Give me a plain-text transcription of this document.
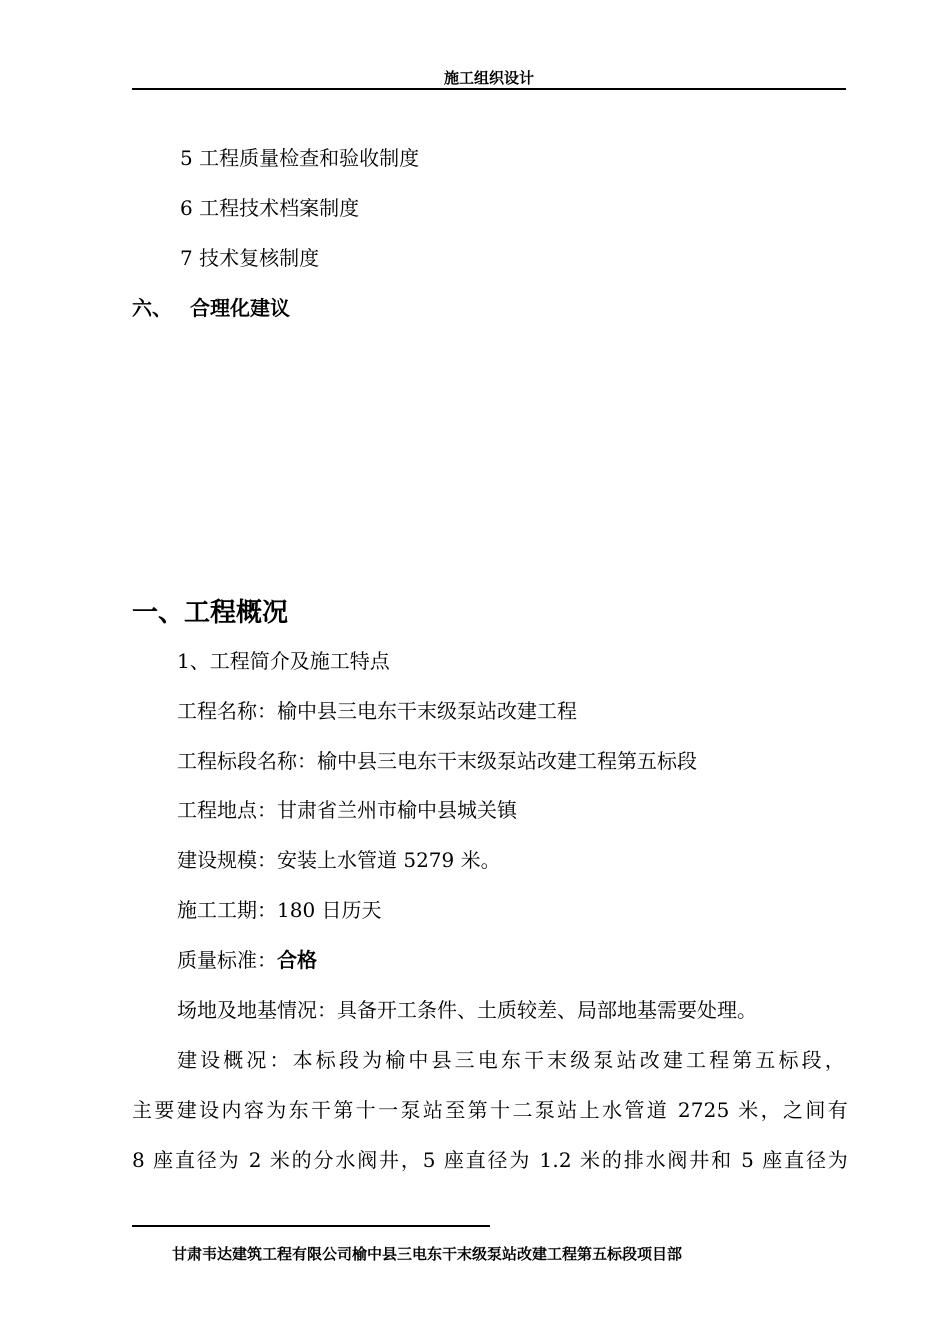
施工组织设计
5 工程质量检查和验收制度
6 工程技术档案制度
7 技术复核制度
六、 合理化建议
一、工程概况
1、工程简介及施工特点
工程名称：榆中县三电东干末级泵站改建工程
工程标段名称：榆中县三电东干末级泵站改建工程第五标段
工程地点：甘肃省兰州市榆中县城关镇
建设规模：安装上水管道 5279 米。
施工工期：180 日历天
质量标准：合格
场地及地基情况：具备开工条件、土质较差、局部地基需要处理。
建设概况：本标段为榆中县三电东干末级泵站改建工程第五标段，
主要建设内容为东干第十一泵站至第十二泵站上水管道 2725 米，之间有
8 座直径为 2 米的分水阀井，5 座直径为 1.2 米的排水阀井和 5 座直径为
甘肃韦达建筑工程有限公司榆中县三电东干末级泵站改建工程第五标段项目部
